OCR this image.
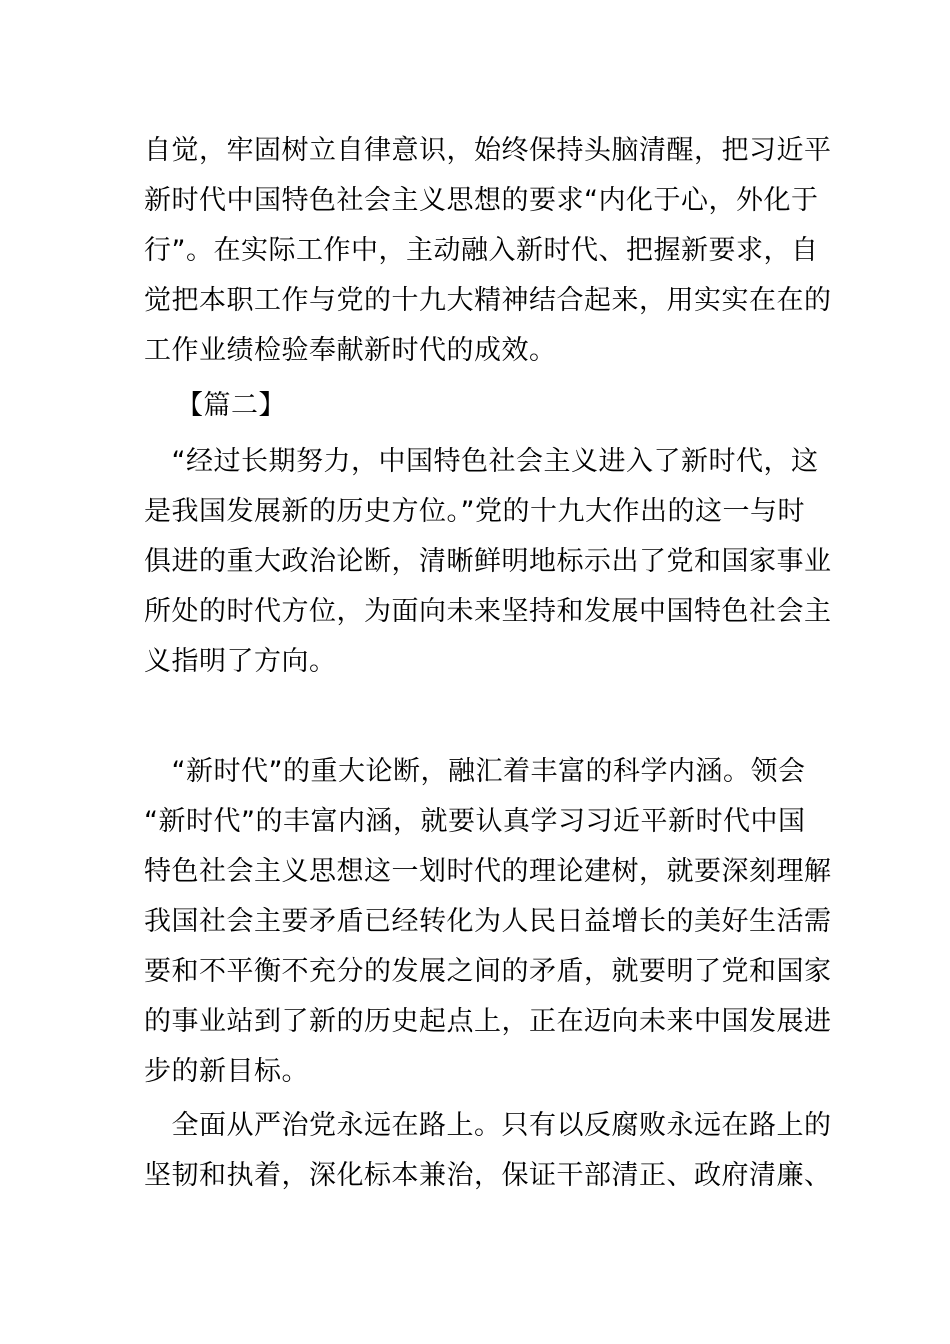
自觉，牢固树立自律意识，始终保持头脑清醒，把习近平
新时代中国特色社会主义思想的要求“内化于心，外化于
行”。在实际工作中，主动融入新时代、把握新要求，自
觉把本职工作与党的十九大精神结合起来，用实实在在的
工作业绩检验奉献新时代的成效。
【篇二】
　“经过长期努力，中国特色社会主义进入了新时代，这
是我国发展新的历史方位。”党的十九大作出的这一与时
俱进的重大政治论断，清晰鲜明地标示出了党和国家事业
所处的时代方位，为面向未来坚持和发展中国特色社会主
义指明了方向。
　“新时代”的重大论断，融汇着丰富的科学内涵。领会
“新时代”的丰富内涵，就要认真学习习近平新时代中国
特色社会主义思想这一划时代的理论建树，就要深刻理解
我国社会主要矛盾已经转化为人民日益增长的美好生活需
要和不平衡不充分的发展之间的矛盾，就要明了党和国家
的事业站到了新的历史起点上，正在迈向未来中国发展进
步的新目标。
　全面从严治党永远在路上。只有以反腐败永远在路上的
坚韧和执着，深化标本兼治，保证干部清正、政府清廉、
